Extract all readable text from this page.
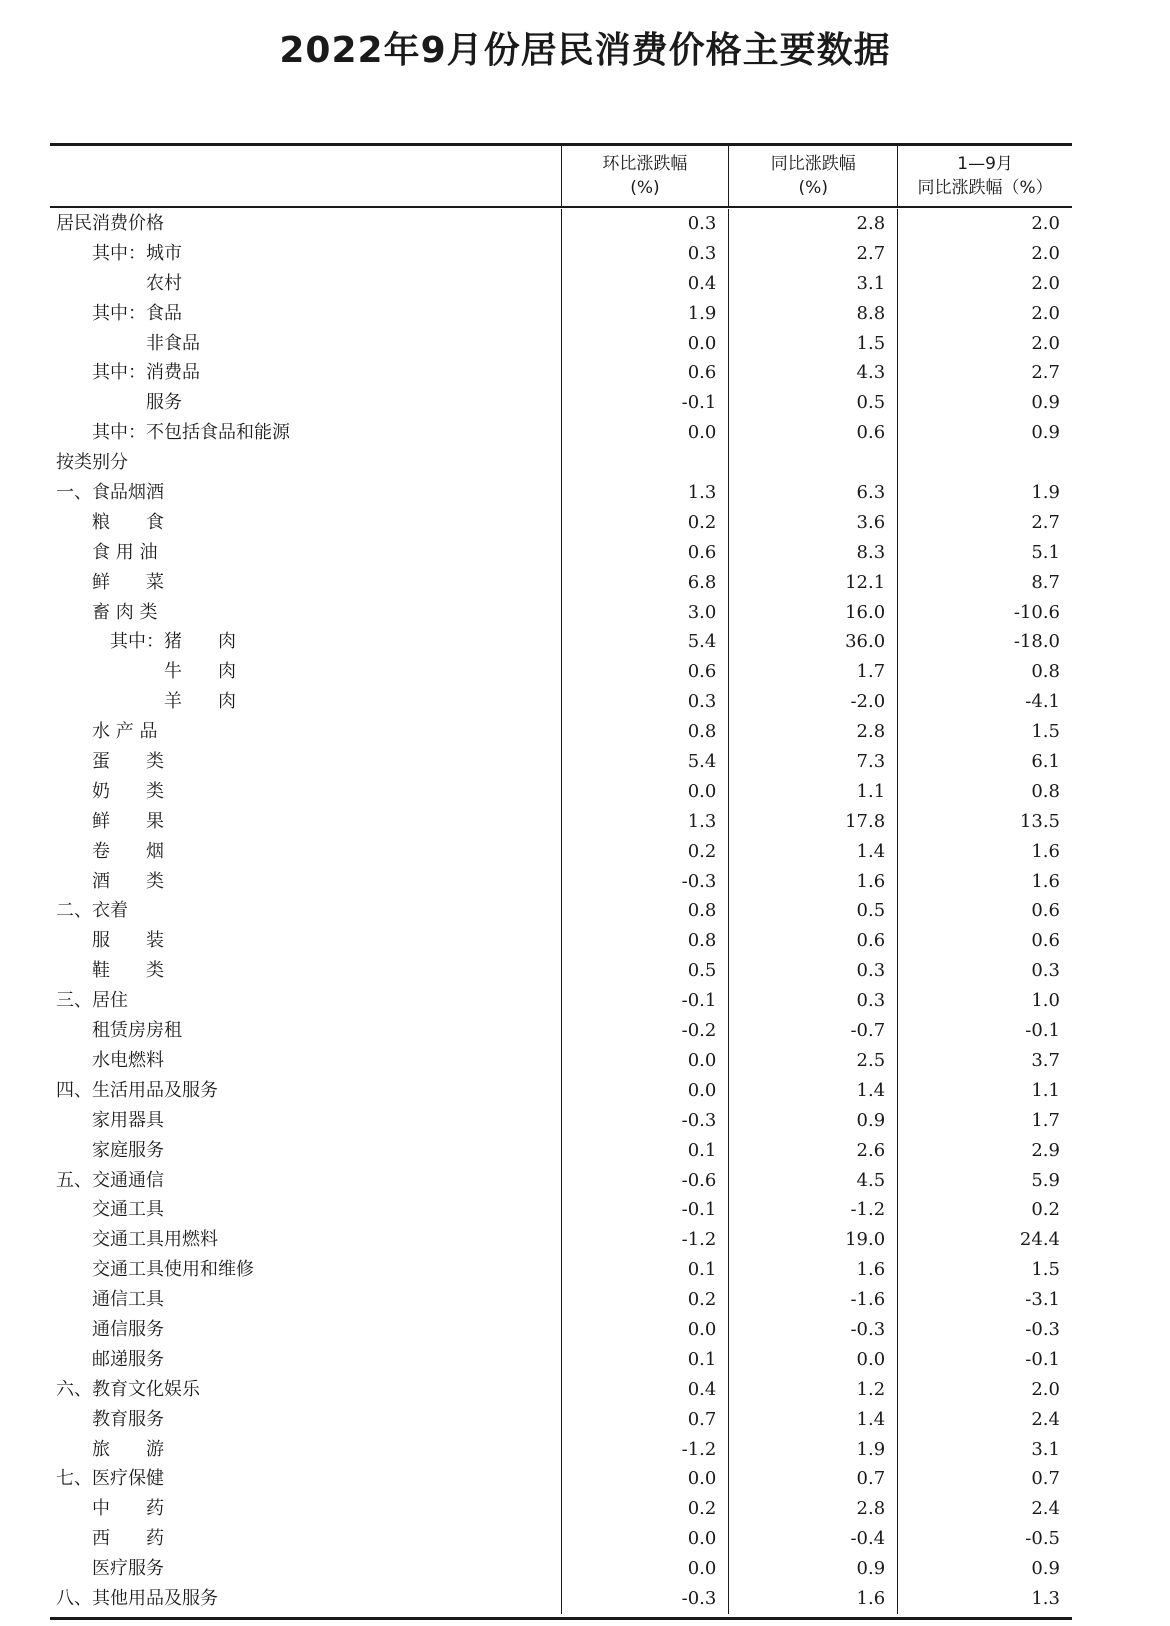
2022年9月份居民消费价格主要数据
环比涨跌幅
(%)
同比涨跌幅
(%)
1—9月
同比涨跌幅（%）
居民消费价格
其中：城市
农村
其中：食品
非食品
其中：消费品
服务
其中：不包括食品和能源
按类别分
一、食品烟酒
粮　　食
食 用 油
鲜　　菜
畜 肉 类
其中：猪　　肉
牛　　肉
羊　　肉
水 产 品
蛋　　类
奶　　类
鲜　　果
卷　　烟
酒　　类
二、衣着
服　　装
鞋　　类
三、居住
租赁房房租
水电燃料
四、生活用品及服务
家用器具
家庭服务
五、交通通信
交通工具
交通工具用燃料
交通工具使用和维修
通信工具
通信服务
邮递服务
六、教育文化娱乐
教育服务
旅　　游
七、医疗保健
中　　药
西　　药
医疗服务
八、其他用品及服务
0.3
0.3
0.4
1.9
0.0
0.6
-0.1
0.0
1.3
0.2
0.6
6.8
3.0
5.4
0.6
0.3
0.8
5.4
0.0
1.3
0.2
-0.3
0.8
0.8
0.5
-0.1
-0.2
0.0
0.0
-0.3
0.1
-0.6
-0.1
-1.2
0.1
0.2
0.0
0.1
0.4
0.7
-1.2
0.0
0.2
0.0
0.0
-0.3
2.8
2.7
3.1
8.8
1.5
4.3
0.5
0.6
6.3
3.6
8.3
12.1
16.0
36.0
1.7
-2.0
2.8
7.3
1.1
17.8
1.4
1.6
0.5
0.6
0.3
0.3
-0.7
2.5
1.4
0.9
2.6
4.5
-1.2
19.0
1.6
-1.6
-0.3
0.0
1.2
1.4
1.9
0.7
2.8
-0.4
0.9
1.6
2.0
2.0
2.0
2.0
2.0
2.7
0.9
0.9
1.9
2.7
5.1
8.7
-10.6
-18.0
0.8
-4.1
1.5
6.1
0.8
13.5
1.6
1.6
0.6
0.6
0.3
1.0
-0.1
3.7
1.1
1.7
2.9
5.9
0.2
24.4
1.5
-3.1
-0.3
-0.1
2.0
2.4
3.1
0.7
2.4
-0.5
0.9
1.3
